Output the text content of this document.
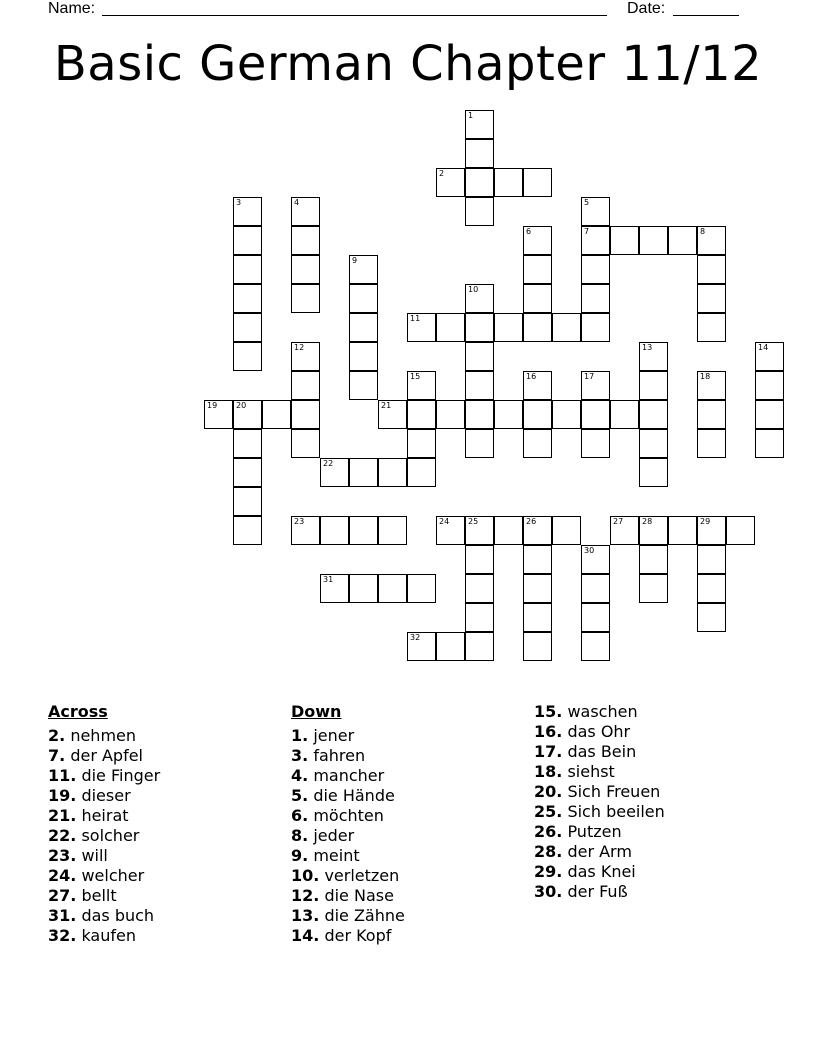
Name:	Date:
Basic German Chapter 11/12
1
2
3	4	5
7	8
6
9
10
11
12	13	14
15	16	17	18
19 20	21
22
23	24 25	26	27 28	29
30
31
32
Across
2. nehmen
7. der Apfel
11. die Finger
19. dieser
21. heirat
22. solcher
23. will
24. welcher
27. bellt
31. das buch
32. kaufen
Down
1. jener
3. fahren
4. mancher
5. die Hände
6. möchten
8. jeder
9. meint
10. verletzen
12. die Nase
13. die Zähne
14. der Kopf
15. waschen
16. das Ohr
17. das Bein
18. siehst
20. Sich Freuen
25. Sich beeilen
26. Putzen
28. der Arm
29. das Knei
30. der Fuß
